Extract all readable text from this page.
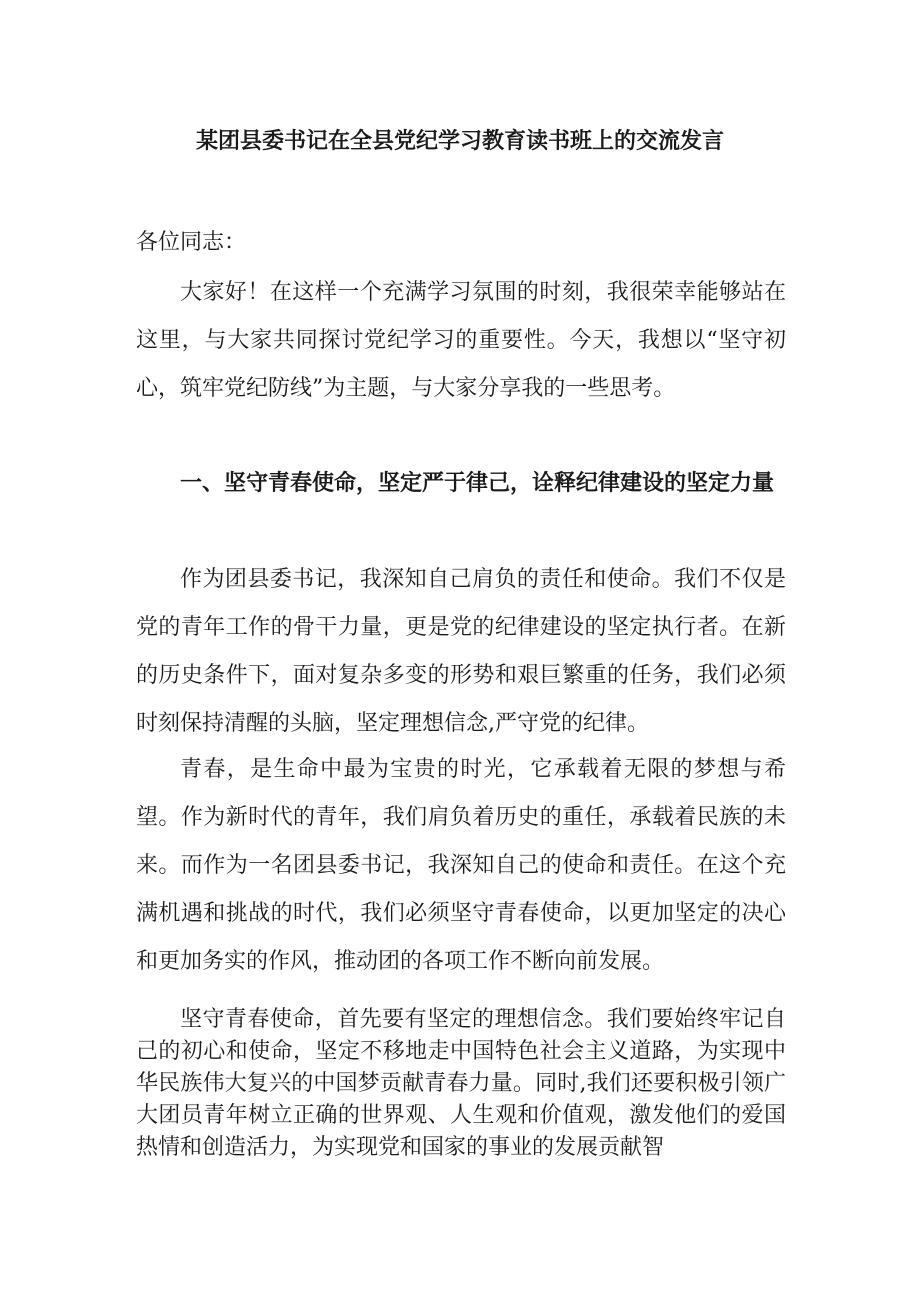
某团县委书记在全县党纪学习教育读书班上的交流发言

各位同志：

大家好！在这样一个充满学习氛围的时刻，我很荣幸能够站在这里，与大家共同探讨党纪学习的重要性。今天，我想以“坚守初心，筑牢党纪防线”为主题，与大家分享我的一些思考。

一、坚守青春使命，坚定严于律己，诠释纪律建设的坚定力量

作为团县委书记，我深知自己肩负的责任和使命。我们不仅是党的青年工作的骨干力量，更是党的纪律建设的坚定执行者。在新的历史条件下，面对复杂多变的形势和艰巨繁重的任务，我们必须时刻保持清醒的头脑，坚定理想信念,严守党的纪律。

青春，是生命中最为宝贵的时光，它承载着无限的梦想与希望。作为新时代的青年，我们肩负着历史的重任，承载着民族的未来。而作为一名团县委书记，我深知自己的使命和责任。在这个充满机遇和挑战的时代，我们必须坚守青春使命，以更加坚定的决心和更加务实的作风，推动团的各项工作不断向前发展。

坚守青春使命，首先要有坚定的理想信念。我们要始终牢记自己的初心和使命，坚定不移地走中国特色社会主义道路，为实现中华民族伟大复兴的中国梦贡献青春力量。同时,我们还要积极引领广大团员青年树立正确的世界观、人生观和价值观，激发他们的爱国热情和创造活力，为实现党和国家的事业的发展贡献智
